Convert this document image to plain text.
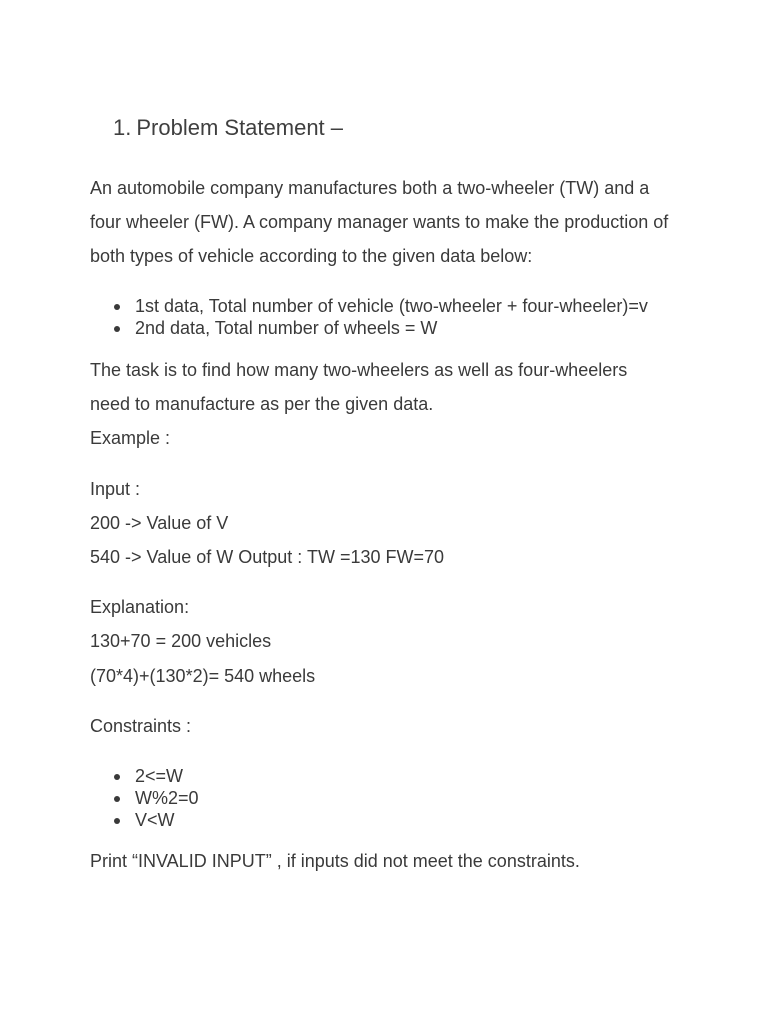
1. Problem Statement –
An automobile company manufactures both a two-wheeler (TW) and a
four wheeler (FW). A company manager wants to make the production of
both types of vehicle according to the given data below:
1st data, Total number of vehicle (two-wheeler + four-wheeler)=v
2nd data, Total number of wheels = W
The task is to find how many two-wheelers as well as four-wheelers
need to manufacture as per the given data.
Example :
Input :
200 -> Value of V
540 -> Value of W Output : TW =130 FW=70
Explanation:
130+70 = 200 vehicles
(70*4)+(130*2)= 540 wheels
Constraints :
2<=W
W%2=0
V<W
Print “INVALID INPUT” , if inputs did not meet the constraints.
